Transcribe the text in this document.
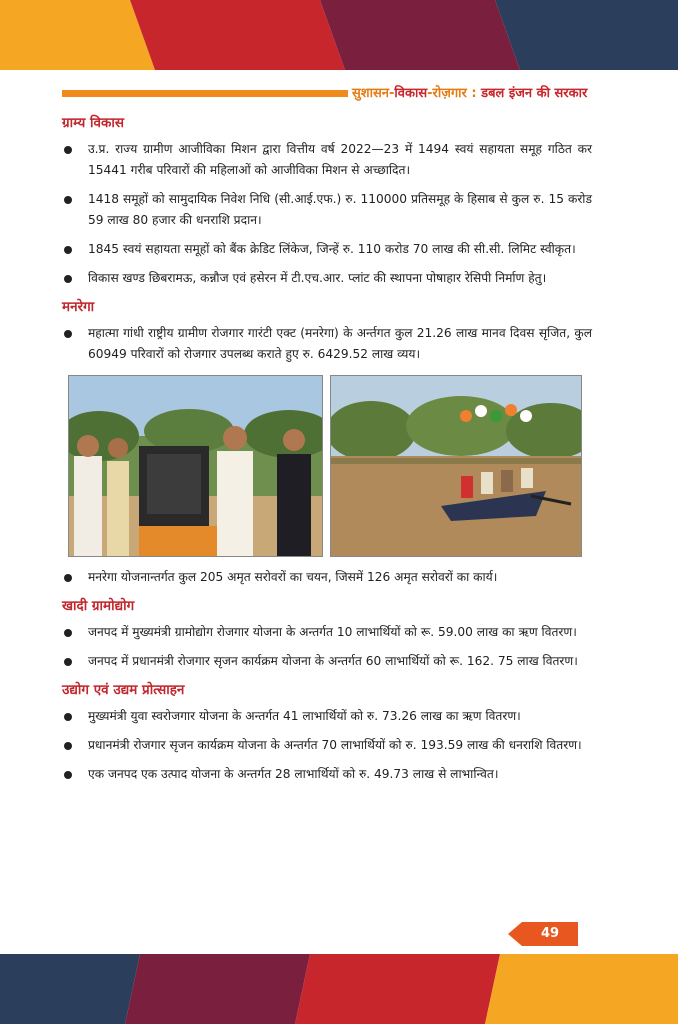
सुशासन-विकास-रोज़गार : डबल इंजन की सरकार
ग्राम्य विकास
उ.प्र. राज्य ग्रामीण आजीविका मिशन द्वारा वित्तीय वर्ष 2022—23 में 1494 स्वयं सहायता समूह गठित कर 15441 गरीब परिवारों की महिलाओं को आजीविका मिशन से अच्छादित।
1418 समूहों को सामुदायिक निवेश निधि (सी.आई.एफ.) रु. 110000 प्रतिसमूह के हिसाब से कुल रु. 15 करोड 59 लाख 80 हजार की धनराशि प्रदान।
1845 स्वयं सहायता समूहों को बैंक क्रेडिट लिंकेज, जिन्हें रु. 110 करोड 70 लाख की सी.सी. लिमिट स्वीकृत।
विकास खण्ड छिबरामऊ, कन्नौज एवं हसेरन में टी.एच.आर. प्लांट की स्थापना पोषाहार रेसिपी निर्माण हेतु।
मनरेगा
महात्मा गांधी राष्ट्रीय ग्रामीण रोजगार गारंटी एक्ट (मनरेगा) के अर्न्तगत कुल 21.26 लाख मानव दिवस सृजित, कुल 60949 परिवारों को रोजगार उपलब्ध कराते हुए रु. 6429.52 लाख व्यय।
मनरेगा योजनान्तर्गत कुल 205 अमृत सरोवरों का चयन, जिसमें 126 अमृत सरोवरों का कार्य।
खादी ग्रामोद्योग
जनपद में मुख्यमंत्री ग्रामोद्योग रोजगार योजना के अन्तर्गत 10 लाभार्थियों को रू. 59.00 लाख का ऋण वितरण।
जनपद में प्रधानमंत्री रोजगार सृजन कार्यक्रम योजना के अन्तर्गत 60 लाभार्थियों को रू. 162. 75 लाख वितरण।
उद्योग एवं उद्यम प्रोत्साहन
मुख्यमंत्री युवा स्वरोजगार योजना के अन्तर्गत 41 लाभार्थियों को रु. 73.26 लाख का ऋण वितरण।
प्रधानमंत्री रोजगार सृजन कार्यक्रम योजना के अन्तर्गत 70 लाभार्थियों को रु. 193.59 लाख की धनराशि वितरण।
एक जनपद एक उत्पाद योजना के अन्तर्गत 28 लाभार्थियों को रु. 49.73 लाख से लाभान्वित।
49
